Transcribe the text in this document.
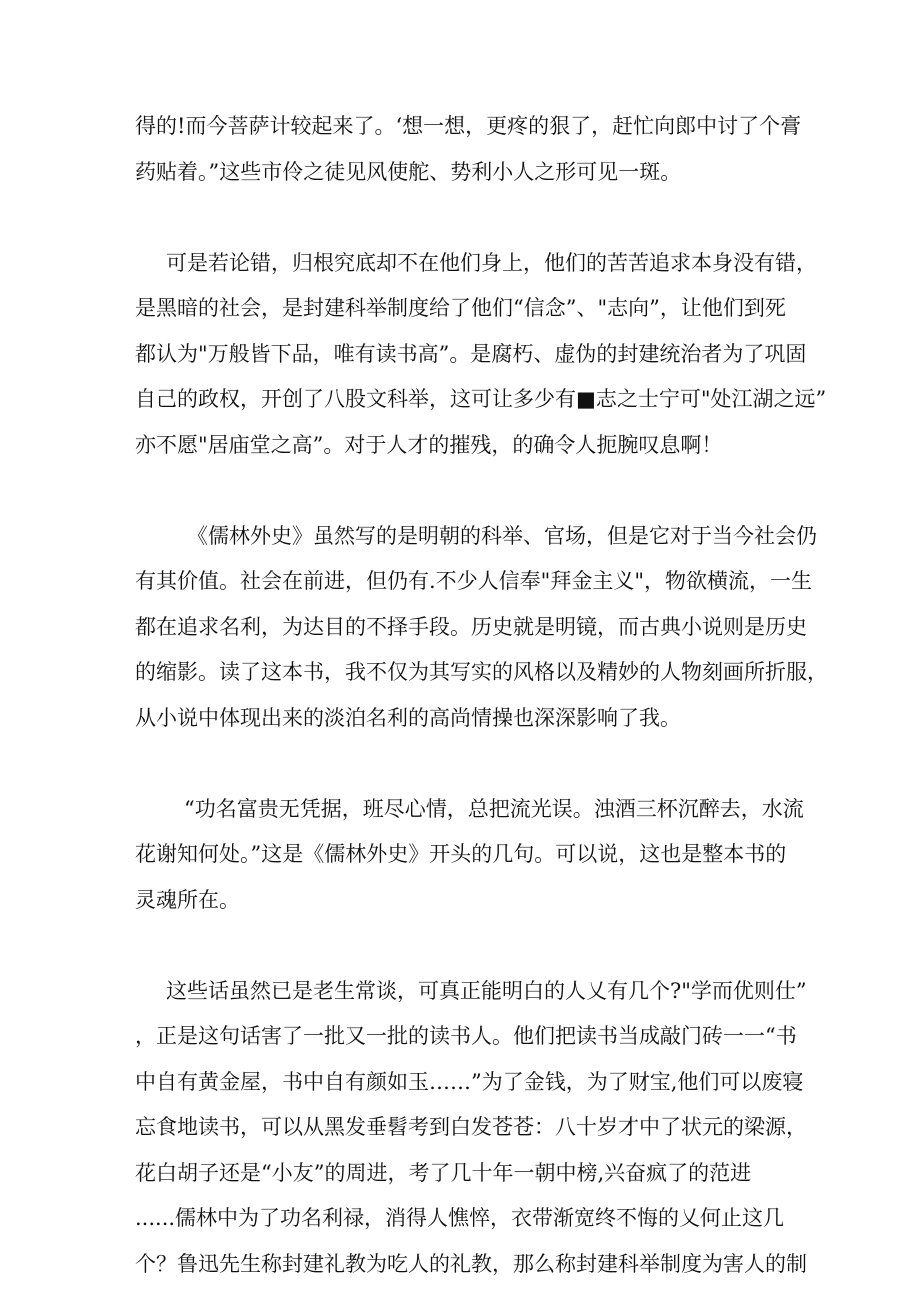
得的!而今菩萨计较起来了。‘想一想，更疼的狠了，赶忙向郎中讨了个膏
药贴着。”这些市伶之徒见风使舵、势利小人之形可见一斑。
可是若论错，归根究底却不在他们身上，他们的苦苦追求本身没有错，
是黑暗的社会，是封建科举制度给了他们“信念”、"志向”，让他们到死
都认为"万般皆下品，唯有读书高”。是腐朽、虚伪的封建统治者为了巩固
自己的政权，开创了八股文科举，这可让多少有■志之士宁可"处江湖之远”
亦不愿"居庙堂之高”。对于人才的摧残，的确令人扼腕叹息啊！
《儒林外史》虽然写的是明朝的科举、官场，但是它对于当今社会仍
有其价值。社会在前进，但仍有.不少人信奉"拜金主义"，物欲横流，一生
都在追求名利，为达目的不择手段。历史就是明镜，而古典小说则是历史
的缩影。读了这本书，我不仅为其写实的风格以及精妙的人物刻画所折服，
从小说中体现出来的淡泊名利的高尚情操也深深影响了我。
“功名富贵无凭据，班尽心情，总把流光误。浊酒三杯沉醉去，水流
花谢知何处。”这是《儒林外史》开头的几句。可以说，这也是整本书的
灵魂所在。
这些话虽然已是老生常谈，可真正能明白的人乂有几个?"学而优则仕”
，正是这句话害了一批又一批的读书人。他们把读书当成敲门砖一一“书
中自有黄金屋，书中自有颜如玉……”为了金钱，为了财宝,他们可以废寝
忘食地读书，可以从黑发垂髫考到白发苍苍：八十岁才中了状元的梁源，
花白胡子还是“小友”的周进，考了几十年一朝中榜,兴奋疯了的范进
......儒林中为了功名利禄，消得人憔悴，衣带渐宽终不悔的乂何止这几
个？鲁迅先生称封建礼教为吃人的礼教，那么称封建科举制度为害人的制
